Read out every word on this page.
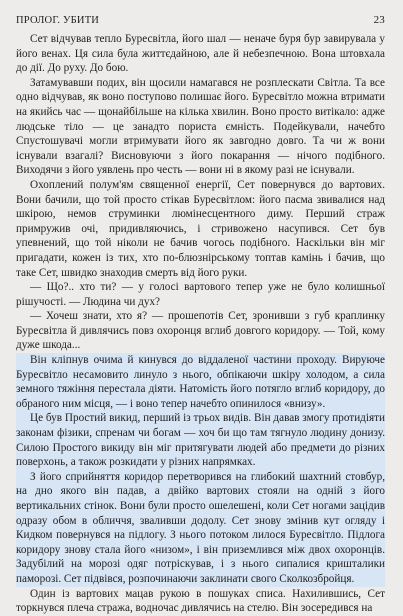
ПРОЛОГ. УБИТИ	23

Сет відчував тепло Буресвітла, його шал — неначе буря бур завирувала у його венах. Ця сила була життєдайною, але й небезпечною. Вона штовхала до дії. До руху. До бою.

Затамувавши подих, він щосили намагався не розплескати Світла. Та все одно відчував, як воно поступово полишає його. Буресвітло можна втримати на якийсь час — щонайбільше на кілька хвилин. Воно просто витікало: адже людське тіло — це занадто пориста ємність. Подейкували, начебто Спустошувачі могли втримувати його як завгодно довго. Та чи ж вони існували взагалі? Висновуючи з його покарання — нічого подібного. Виходячи з його уявлень про честь — вони ні в якому разі не існували.

Охоплений полум'ям священної енергії, Сет повернувся до вартових. Вони бачили, що той просто стікав Буресвітлом: його пасма звивалися над шкірою, немов струминки люмінесцентного диму. Перший страж примружив очі, придивляючись, і стривожено насупився. Сет був упевнений, що той ніколи не бачив чогось подібного. Наскільки він міг пригадати, кожен із тих, хто по-блюзнірському топтав камінь і бачив, що таке Сет, швидко знаходив смерть від його руки.

— Що?.. хто ти? — у голосі вартового тепер уже не було колишньої рішучості. — Людина чи дух?

— Хочеш знати, хто я? — прошепотів Сет, зронивши з губ краплинку Буресвітла й дивлячись повз охоронця вглиб довгого коридору. — Той, кому дуже шкода...

Він кліпнув очима й кинувся до віддаленої частини проходу. Вируюче Буресвітло несамовито линуло з нього, обпікаючи шкіру холодом, а сила земного тяжіння перестала діяти. Натомість його потягло вглиб коридору, до обраного ним місця, — і воно тепер начебто опинилося «внизу».

Це був Простий викид, перший із трьох видів. Він давав змогу протидіяти законам фізики, спренам чи богам — хоч би що там тягнуло людину донизу. Силою Простого викиду він міг притягувати людей або предмети до різних поверхонь, а також розкидати у різних напрямках.

З його сприйняття коридор перетворився на глибокий шахтний стовбур, на дно якого він падав, а двійко вартових стояли на одній з його вертикальних стінок. Вони були просто ошелешені, коли Сет ногами зацідив одразу обом в обличчя, зваливши додолу. Сет знову змінив кут огляду і Кидком повернувся на підлогу. З нього потоком лилося Буресвітло. Підлога коридору знову стала його «низом», і він приземлився між двох охоронців. Задубілий на морозі одяг потріскував, і з нього сипалися кришталики паморозі. Сет підвівся, розпочинаючи заклинати свого Сколкозбройця.

Один із вартових мацав рукою в пошуках списа. Нахилившись, Сет торкнувся плеча стража, водночас дивлячись на стелю. Він зосередився на
